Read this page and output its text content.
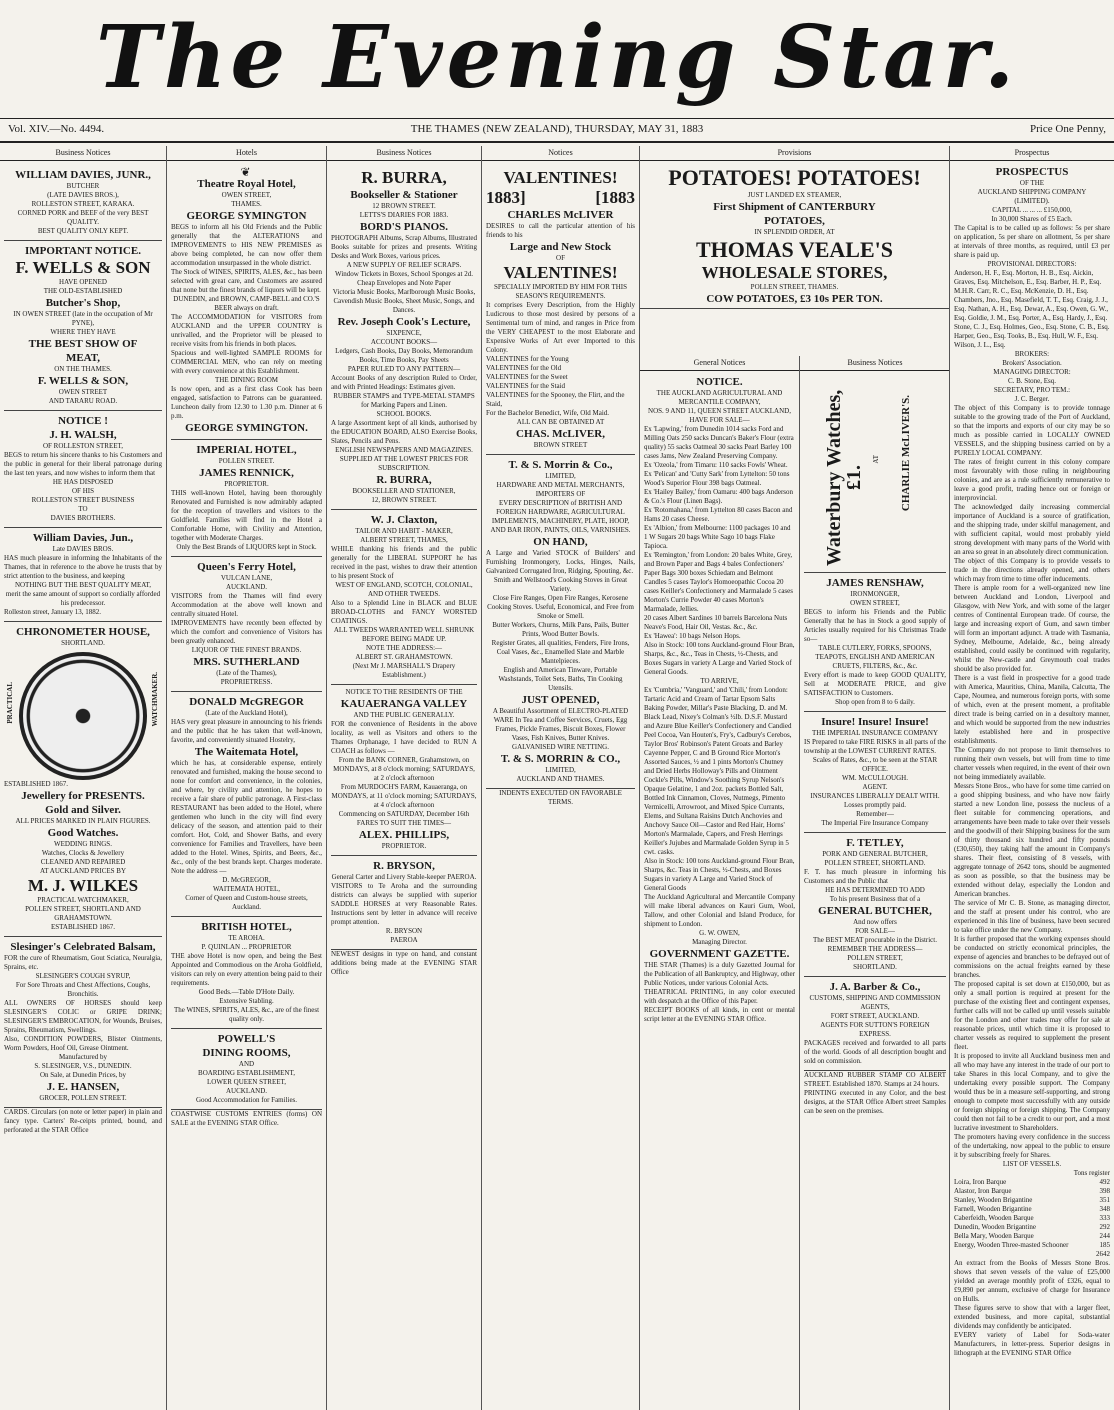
The Evening Star.
Vol. XIV.—No. 4494.	THE THAMES (NEW ZEALAND), THURSDAY, MAY 31, 1883	Price One Penny,
Business Notices
WILLIAM DAVIES, JUNR.,
BUTCHER
(LATE DAVIES BROS.),
ROLLESTON STREET, KARAKA.
CORNED PORK and BEEF of the very BEST QUALITY.
BEST QUALITY ONLY KEPT.
IMPORTANT NOTICE.
F. WELLS & SON
HAVE OPENED
THE OLD-ESTABLISHED
Butcher's Shop,
IN OWEN STREET (late in the occupation of Mr PYNE),
WHERE THEY HAVE
THE BEST SHOW OF
MEAT,
ON THE THAMES.
F. WELLS & SON,
OWEN STREET
AND TARARU ROAD.
NOTICE !
J. H. WALSH,
OF ROLLESTON STREET,
BEGS to return his sincere thanks to his Customers and the public in general for their liberal patronage during the last ten years, and now wishes to inform them that
HE HAS DISPOSED
OF HIS
ROLLESTON STREET BUSINESS
TO
DAVIES BROTHERS.
William Davies, Jun.,
Late DAVIES BROS.
HAS much pleasure in informing the Inhabitants of the Thames, that in reference to the above he trusts that by strict attention to the business, and keeping
NOTHING BUT THE BEST QUALITY MEAT,
merit the same amount of support so cordially afforded his predecessor.
Rolleston street, January 13, 1882.
CHRONOMETER HOUSE,
SHORTLAND.
PRACTICAL	WATCHMAKER.
ESTABLISHED 1867.
Jewellery for PRESENTS.
Gold and Silver.
ALL PRICES MARKED IN PLAIN FIGURES.
Good Watches.
WEDDING RINGS.
Watches, Clocks & Jewellery
CLEANED AND REPAIRED
AT AUCKLAND PRICES BY
M. J. WILKES
PRACTICAL WATCHMAKER,
POLLEN STREET, SHORTLAND AND GRAHAMSTOWN.
ESTABLISHED 1867.
Slesinger's Celebrated Balsam,
FOR the cure of Rheumatism, Gout Sciatica, Neuralgia, Sprains, etc.
SLESINGER'S COUGH SYRUP,
For Sore Throats and Chest Affections, Coughs, Bronchitis.
ALL OWNERS OF HORSES should keep SLESINGER'S COLIC or GRIPE DRINK; SLESINGER'S EMBROCATION, for Wounds, Bruises, Sprains, Rheumatism, Swellings.
Also, CONDITION POWDERS, Blister Ointments, Worm Powders, Hoof Oil, Grease Ointment.
Manufactured by
S. SLESINGER, V.S., DUNEDIN.
On Sale, at Dunedin Prices, by
J. E. HANSEN,
GROCER, POLLEN STREET.
CARDS. Circulars (on note or letter paper) in plain and fancy type. Carters' Re-ceipts printed, bound, and perforated at the STAR Office
Hotels
❦
Theatre Royal Hotel,
OWEN STREET,
THAMES.
GEORGE SYMINGTON
BEGS to inform all his Old Friends and the Public generally that the ALTERATIONS and IMPROVEMENTS to HIS NEW PREMISES as above being completed, he can now offer them accommodation unsurpassed in the whole district.
The Stock of WINES, SPIRITS, ALES, &c., has been selected with great care, and Customers are assured that none but the finest brands of liquors will be kept.
DUNEDIN, and BROWN, CAMP-BELL and CO.'S BEER always on draft.
The ACCOMMODATION for VISITORS from AUCKLAND and the UPPER COUNTRY is unrivalled, and the Proprietor will be pleased to receive visits from his friends in both places.
Spacious and well-lighted SAMPLE ROOMS for COMMERCIAL MEN, who can rely on meeting with every convenience at this Establishment.
THE DINING ROOM
Is now open, and as a first class Cook has been engaged, satisfaction to Patrons can be guaranteed. Luncheon daily from 12.30 to 1.30 p.m. Dinner at 6 p.m.
GEORGE SYMINGTON.
IMPERIAL HOTEL,
POLLEN STREET.
JAMES RENNICK,
PROPRIETOR.
THIS well-known Hotel, having been thoroughly Renovated and Furnished is now admirably adapted for the reception of travellers and visitors to the Goldfield. Families will find in the Hotel a Comfortable Home, with Civility and Attention, together with Moderate Charges.
Only the Best Brands of LIQUORS kept in Stock.
Queen's Ferry Hotel,
VULCAN LANE,
AUCKLAND.
VISITORS from the Thames will find every Accommodation at the above well known and centrally situated Hotel.
IMPROVEMENTS have recently been effected by which the comfort and convenience of Visitors has been greatly enhanced.
LIQUOR OF THE FINEST BRANDS.
MRS. SUTHERLAND
(Late of the Thames),
PROPRIETRESS.
DONALD McGREGOR
(Late of the Auckland Hotel),
HAS very great pleasure in announcing to his friends and the public that he has taken that well-known, favorite, and conveniently situated Hostelry,
The Waitemata Hotel,
which he has, at considerable expense, entirely renovated and furnished, making the house second to none for comfort and convenience, in the colonies, and where, by civility and attention, he hopes to receive a fair share of public patronage. A First-class RESTAURANT has been added to the Hotel, where gentlemen who lunch in the city will find every delicacy of the season, and attention paid to their comfort. Hot, Cold, and Shower Baths, and every convenience for Families and Travellers, have been added to the Hotel. Wines, Spirits, and Beers, &c., &c., only of the best brands kept. Charges moderate. Note the address —
D. McGREGOR,
WAITEMATA HOTEL,
Corner of Queen and Custom-house streets, Auckland.
BRITISH HOTEL,
TE AROHA.
P. QUINLAN ... PROPRIETOR
THE above Hotel is now open, and being the Best Appointed and Commodious on the Aroha Goldfield, visitors can rely on every attention being paid to their requirements.
Good Beds.—Table D'Hote Daily.
Extensive Stabling.
The WINES, SPIRITS, ALES, &c., are of the finest quality only.
POWELL'S
DINING ROOMS,
AND
BOARDING ESTABLISHMENT,
LOWER QUEEN STREET,
AUCKLAND.
Good Accommodation for Families.
COASTWISE CUSTOMS ENTRIES (forms) ON SALE at the EVENING STAR Office.
Business Notices
R. BURRA,
Bookseller & Stationer
12 BROWN STREET.
LETTS'S DIARIES FOR 1883.
BORD'S PIANOS.
PHOTOGRAPH Albums, Scrap Albums, Illustrated Books suitable for prizes and presents. Writing Desks and Work Boxes, various prices.
A NEW SUPPLY OF RELIEF SCRAPS.
Window Tickets in Boxes, School Sponges at 2d.
Cheap Envelopes and Note Paper
Victoria Music Books, Marlborough Music Books, Cavendish Music Books, Sheet Music, Songs, and Dances.
Rev. Joseph Cook's Lecture,
SIXPENCE,
ACCOUNT BOOKS—
Ledgers, Cash Books, Day Books, Memorandum Books, Time Books, Pay Sheets
PAPER RULED TO ANY PATTERN—
Account Books of any description Ruled to Order, and with Printed Headings: Estimates given.
RUBBER STAMPS and TYPE-METAL STAMPS for Marking Papers and Linen.
SCHOOL BOOKS.
A large Assortment kept of all kinds, authorised by the EDUCATION BOARD, ALSO Exercise Books, Slates, Pencils and Pens.
ENGLISH NEWSPAPERS AND MAGAZINES.
SUPPLIED AT THE LOWEST PRICES FOR SUBSCRIPTION.
R. BURRA,
BOOKSELLER AND STATIONER,
12, BROWN STREET.
W. J. Claxton,
TAILOR AND HABIT - MAKER,
ALBERT STREET, THAMES,
WHILE thanking his friends and the public generally for the LIBERAL SUPPORT he has received in the past, wishes to draw their attention to his present Stock of
WEST OF ENGLAND, SCOTCH, COLONIAL, AND OTHER TWEEDS.
Also to a Splendid Line in BLACK and BLUE BROAD-CLOTHS and FANCY WORSTED COATINGS.
ALL TWEEDS WARRANTED WELL SHRUNK BEFORE BEING MADE UP.
NOTE THE ADDRESS:—
ALBERT ST. GRAHAMSTOWN.
(Next Mr J. MARSHALL'S Drapery Establishment.)
NOTICE TO THE RESIDENTS OF THE
KAUAERANGA VALLEY
AND THE PUBLIC GENERALLY.
FOR the convenience of Residents in the above locality, as well as Visitors and others to the Thames Orphanage, I have decided to RUN A COACH as follows —
From the BANK CORNER, Grahamstown, on MONDAYS, at 8 o'clock morning; SATURDAYS, at 2 o'clock afternoon
From MURDOCH'S FARM, Kauaeranga, on MONDAYS, at 11 o'clock morning; SATURDAYS, at 4 o'clock afternoon
Commencing on SATURDAY, December 16th
FARES TO SUIT THE TIMES—
ALEX. PHILLIPS,
PROPRIETOR.
R. BRYSON,
General Carter and Livery Stable-keeper PAEROA.
VISITORS to Te Aroha and the surrounding districts can always be supplied with superior SADDLE HORSES at very Reasonable Rates. Instructions sent by letter in advance will receive prompt attention.
R. BRYSON
PAEROA
NEWEST designs in type on hand, and constant additions being made at the EVENING STAR Office
Notices
VALENTINES!
1883]	[1883
CHARLES McLIVER
DESIRES to call the particular attention of his friends to his
Large and New Stock
OF
VALENTINES!
SPECIALLY IMPORTED BY HIM FOR THIS SEASON'S REQUIREMENTS.
It comprises Every Description, from the Highly Ludicrous to those most desired by persons of a Sentimental turn of mind, and ranges in Price from the VERY CHEAPEST to the most Elaborate and Expensive Works of Art ever Imported to this Colony.
VALENTINES for the Young
VALENTINES for the Old
VALENTINES for the Sweet
VALENTINES for the Staid
VALENTINES for the Spooney, the Flirt, and the Staid,
For the Bachelor Benedict, Wife, Old Maid.
ALL CAN BE OBTAINED AT
CHAS. McLIVER,
BROWN STREET
T. & S. Morrin & Co.,
LIMITED,
HARDWARE AND METAL MERCHANTS,
IMPORTERS OF
EVERY DESCRIPTION of BRITISH AND FOREIGN HARDWARE, AGRICULTURAL IMPLEMENTS, MACHINERY, PLATE, HOOP, AND BAR IRON, PAINTS, OILS, VARNISHES.
ON HAND,
A Large and Varied STOCK of Builders' and Furnishing Ironmongery, Locks, Hinges, Nails, Galvanized Corrugated Iron, Ridging, Spouting, &c.
Smith and Wellstood's Cooking Stoves in Great Variety.
Close Fire Ranges, Open Fire Ranges, Kerosene Cooking Stoves. Useful, Economical, and Free from Smoke or Smell.
Butter Workers, Churns, Milk Pans, Pails, Butter Prints, Wood Butter Bowls.
Register Grates, all qualities, Fenders, Fire Irons, Coal Vases, &c., Enamelled Slate and Marble Mantelpieces.
English and American Tinware, Portable Washstands, Toilet Sets, Baths, Tin Cooking Utensils.
JUST OPENED,
A Beautiful Assortment of ELECTRO-PLATED WARE In Tea and Coffee Services, Cruets, Egg Frames, Pickle Frames, Biscuit Boxes, Flower Vases, Fish Knives, Butter Knives.
GALVANISED WIRE NETTING.
T. & S. MORRIN & CO.,
LIMITED,
AUCKLAND AND THAMES.
INDENTS EXECUTED ON FAVORABLE TERMS.
Provisions
POTATOES! POTATOES!
JUST LANDED EX STEAMER,
First Shipment of CANTERBURY
POTATOES,
IN SPLENDID ORDER, AT
THOMAS VEALE'S
WHOLESALE STORES,
POLLEN STREET, THAMES.
COW POTATOES, £3 10s PER TON.
General Notices
NOTICE.
THE AUCKLAND AGRICULTURAL AND MERCANTILE COMPANY,
NOS. 9 AND 11, QUEEN STREET AUCKLAND,
HAVE FOR SALE—
Ex 'Lapwing,' from Dunedin 1014 sacks Ford and Milling Oats 250 sacks Duncan's Baker's Flour (extra quality) 55 sacks Oatmeal 30 sacks Pearl Barley 100 cases Jams, New Zealand Preserving Company.
Ex 'Ozeola,' from Timaru: 110 sacks Fowls' Wheat.
Ex 'Pelican' and 'Cutty Sark' from Lyttelton: 50 tons Wood's Superior Flour 398 bags Oatmeal.
Ex 'Hailey Bailey,' from Oamaru: 400 bags Anderson & Co.'s Flour (Linen Bags).
Ex 'Rotomahana,' from Lyttelton 80 cases Bacon and Hams 20 cases Cheese.
Ex 'Albion,' from Melbourne: 1100 packages 10 and 1 W Sugars 20 bags White Sago 10 bags Flake Tapioca.
Ex 'Remington,' from London: 20 bales White, Grey, and Brown Paper and Bags 4 bales Confectioners' Paper Bags 300 boxes Schiedam and Belmont Candles 5 cases Taylor's Homoeopathic Cocoa 20 cases Keiller's Confectionery and Marmalade 5 cases Morton's Currie Powder 40 cases Morton's Marmalade, Jellies.
20 cases Albert Sardines 10 barrels Barcelona Nuts Neave's Food, Hair Oil, Vestas. &c., &c.
Ex 'Hawea': 10 bags Nelson Hops.
Also in Stock: 100 tons Auckland-ground Flour Bran, Sharps, &c., &c., Teas in Chests, ½-Chests, and Boxes Sugars in variety A Large and Varied Stock of General Goods.
TO ARRIVE,
Ex 'Cumbria,' 'Vanguard,' and 'Chili,' from London: Tartaric Acid and Cream of Tartar Epsom Salts Baking Powder, Millar's Paste Blacking, D. and M. Black Lead, Nixey's Colman's ½lb. D.S.F. Mustard and Azure Blue Keiller's Confectionery and Candied Peel Cocoa, Van Houten's, Fry's, Cadbury's Cerebos, Taylor Bros' Robinson's Patent Groats and Barley Cayenne Pepper, C and B Ground Rice Morton's Assorted Sauces, ½ and 1 pints Morton's Chutney and Dried Herbs Holloway's Pills and Ointment Cockle's Pills, Window's Soothing Syrup Nelson's Opaque Gelatine, 1 and 2oz. packets Bottled Salt, Bottled Ink Cinnamon, Cloves, Nutmegs, Pimento Vermicelli, Arrowroot, and Mixed Spice Currants, Elems, and Sultana Raisins Dutch Anchovies and Anchovy Sauce Oil—Castor and Red Hair, Horns' Morton's Marmalade, Capers, and Fresh Herrings Keiller's Jujubes and Marmalade Golden Syrup in 5 cwt. casks.
Also in Stock: 100 tons Auckland-ground Flour Bran, Sharps, &c. Teas in Chests, ½-Chests, and Boxes Sugars in variety A Large and Varied Stock of General Goods
The Auckland Agricultural and Mercantile Company will make liberal advances on Kauri Gum, Wool, Tallow, and other Colonial and Island Produce, for shipment to London.
G. W. OWEN,
Managing Director.
GOVERNMENT GAZETTE.
THE STAR (Thames) is a duly Gazetted Journal for the Publication of all Bankruptcy, and Highway, other Public Notices, under various Colonial Acts.
THEATRICAL PRINTING, in any color executed with despatch at the Office of this Paper.
RECEIPT BOOKS of all kinds, in cent or mental script letter at the EVENING STAR Office.
Business Notices
Waterbury Watches, £1.
AT CHARLIE McLIVER'S.
JAMES RENSHAW,
IRONMONGER,
OWEN STREET,
BEGS to inform his Friends and the Public Generally that he has in Stock a good supply of Articles usually required for his Christmas Trade so—
TABLE CUTLERY, FORKS, SPOONS, TEAPOTS, ENGLISH AND AMERICAN CRUETS, FILTERS, &c., &c.
Every effort is made to keep GOOD QUALITY, Sell at MODERATE PRICE, and give SATISFACTION to Customers.
Shop open from 8 to 6 daily.
Insure! Insure! Insure!
THE IMPERIAL INSURANCE COMPANY
IS Prepared to take FIRE RISKS in all parts of the township at the LOWEST CURRENT RATES.
Scales of Rates, &c., to be seen at the STAR OFFICE.
WM. McCULLOUGH.
AGENT.
INSURANCES LIBERALLY DEALT WITH. Losses promptly paid.
Remember—
The Imperial Fire Insurance Company
F. TETLEY,
PORK AND GENERAL BUTCHER,
POLLEN STREET, SHORTLAND.
F. T. has much pleasure in informing his Customers and the Public that
HE HAS DETERMINED TO ADD
To his present Business that of a
GENERAL BUTCHER,
And now offers
FOR SALE—
The BEST MEAT procurable in the District.
REMEMBER THE ADDRESS—
POLLEN STREET,
SHORTLAND.
J. A. Barber & Co.,
CUSTOMS, SHIPPING AND COMMISSION AGENTS,
FORT STREET, AUCKLAND.
AGENTS FOR SUTTON'S FOREIGN EXPRESS.
PACKAGES received and forwarded to all parts of the world. Goods of all description bought and sold on commission.
AUCKLAND RUBBER STAMP CO ALBERT STREET. Established 1870. Stamps at 24 hours.
PRINTING executed in any Color, and the best designs, at the STAR Office Albert street Samples can be seen on the premises.
Prospectus
PROSPECTUS
OF THE
AUCKLAND SHIPPING COMPANY
(LIMITED).
CAPITAL ... ... ... £150,000,
In 30,000 Shares of £5 Each.
The Capital is to be called up as follows: 5s per share on application, 5s per share on allotment, 5s per share at intervals of three months, as required, until £3 per share is paid up.
PROVISIONAL DIRECTORS:
Anderson, H. F., Esq. Morton, H. B., Esq. Aickin, Graves, Esq. Mitchelson, E., Esq. Barber, H. P., Esq. M.H.R. Carr, R. C., Esq. McKenzie, D. H., Esq. Chambers, Jno., Esq. Masefield, T. T., Esq. Craig, J. J., Esq. Nathan, A. H., Esq. Dewar, A., Esq. Owen, G. W., Esq. Goldie, J. M., Esq. Porter, A., Esq. Hardy, J., Esq. Stone, C. J., Esq. Holmes, Geo., Esq. Stone, C. B., Esq. Harper, Geo., Esq. Tooks, B., Esq. Hull, W. F., Esq. Wilson, J. L., Esq.
BROKERS:
Brokers' Association.
MANAGING DIRECTOR:
C. B. Stone, Esq.
SECRETARY, PRO TEM.:
J. C. Berger.
The object of this Company is to provide tonnage suitable to the growing trade of the Port of Auckland, so that the imports and exports of our city may be so much as possible carried in LOCALLY OWNED VESSELS, and the shipping business carried on by a PURELY LOCAL COMPANY.
The rates of freight current in this colony compare most favourably with those ruling in neighbouring colonies, and are as a rule sufficiently remunerative to leave a good profit, trading hence out or foreign or interprovincial.
The acknowledged daily increasing commercial importance of Auckland is a source of gratification, and the shipping trade, under skilful management, and with sufficient capital, would most probably yield strong development with many parts of the World with an area so great in an absolutely direct communication.
The object of this Company is to provide vessels to trade in the directions already opened, and others which may from time to time offer inducements.
There is ample room for a well-organized new line between Auckland and London, Liverpool and Glasgow, with New York, and with some of the larger centres of Continental European trade. Of course, the large and increasing export of Gum, and sawn timber will form an important adjunct. A trade with Tasmania, Sydney, Melbourne, Adelaide, &c., being already established, could easily be continued with regularity, whilst the New-castle and Greymouth coal trades should be also provided for.
There is a vast field in prospective for a good trade with America, Mauritius, China, Manila, Calcutta, The Cape, Noumea, and numerous foreign ports, with some of which, even at the present moment, a profitable direct trade is being carried on in a desultory manner, and which would be supported from the new industries lately established here and in prospective establishments.
The Company do not propose to limit themselves to running their own vessels, but will from time to time charter vessels when required, in the event of their own not being immediately available.
Messrs Stone Bros., who have for some time carried on a good shipping business, and who have now fairly started a new London line, possess the nucleus of a fleet suitable for commencing operations, and arrangements have been made to take over their vessels and the goodwill of their Shipping business for the sum of thirty thousand six hundred and fifty pounds (£30,650), they taking half the amount in Company's shares. Their fleet, consisting of 8 vessels, with aggregate tonnage of 2642 tons, should be augmented as soon as possible, so that the business may be extended without delay, especially the London and American branches.
The service of Mr C. B. Stone, as managing director, and the staff at present under his control, who are experienced in this line of business, have been secured to take office under the new Company.
It is further proposed that the working expenses should be conducted on strictly economical principles, the expense of agencies and branches to be defrayed out of commissions on the actual freights earned by these branches.
The proposed capital is set down at £150,000, but as only a small portion is required at present for the purchase of the existing fleet and contingent expenses, further calls will not be called up until vessels suitable for the London and other trades may offer for sale at reasonable prices, until which time it is proposed to charter vessels as required to supplement the present fleet.
It is proposed to invite all Auckland business men and all who may have any interest in the trade of our port to take Shares in this local Company, and to give the undertaking every possible support. The Company would thus be in a measure self-supporting, and strong enough to compete most successfully with any outside or foreign shipping or foreign shipping. The Company could then not fail to be a credit to our port, and a most lucrative investment to Shareholders.
The promoters having every confidence in the success of the undertaking, now appeal to the public to ensure it by subscribing freely for Shares.
LIST OF VESSELS.
Tons register
Loira, Iron Barque	492
Alastor, Iron Barque	398
Stanley, Wooden Brigantine	351
Farnell, Wooden Brigantine	348
Caberfeidh, Wooden Barque	333
Dunedin, Wooden Brigantine	292
Bella Mary, Wooden Barque	244
Energy, Wooden Three-masted Schooner	185
2642
An extract from the Books of Messrs Stone Bros. shows that seven vessels of the value of £25,000 yielded an average monthly profit of £326, equal to £9,890 per annum, exclusive of charge for Insurance on Hulls.
These figures serve to show that with a larger fleet, extended business, and more capital, substantial dividends may confidently be anticipated.
EVERY variety of Label for Soda-water Manufacturers, in letter-press. Superior designs in lithograph at the EVENING STAR Office
